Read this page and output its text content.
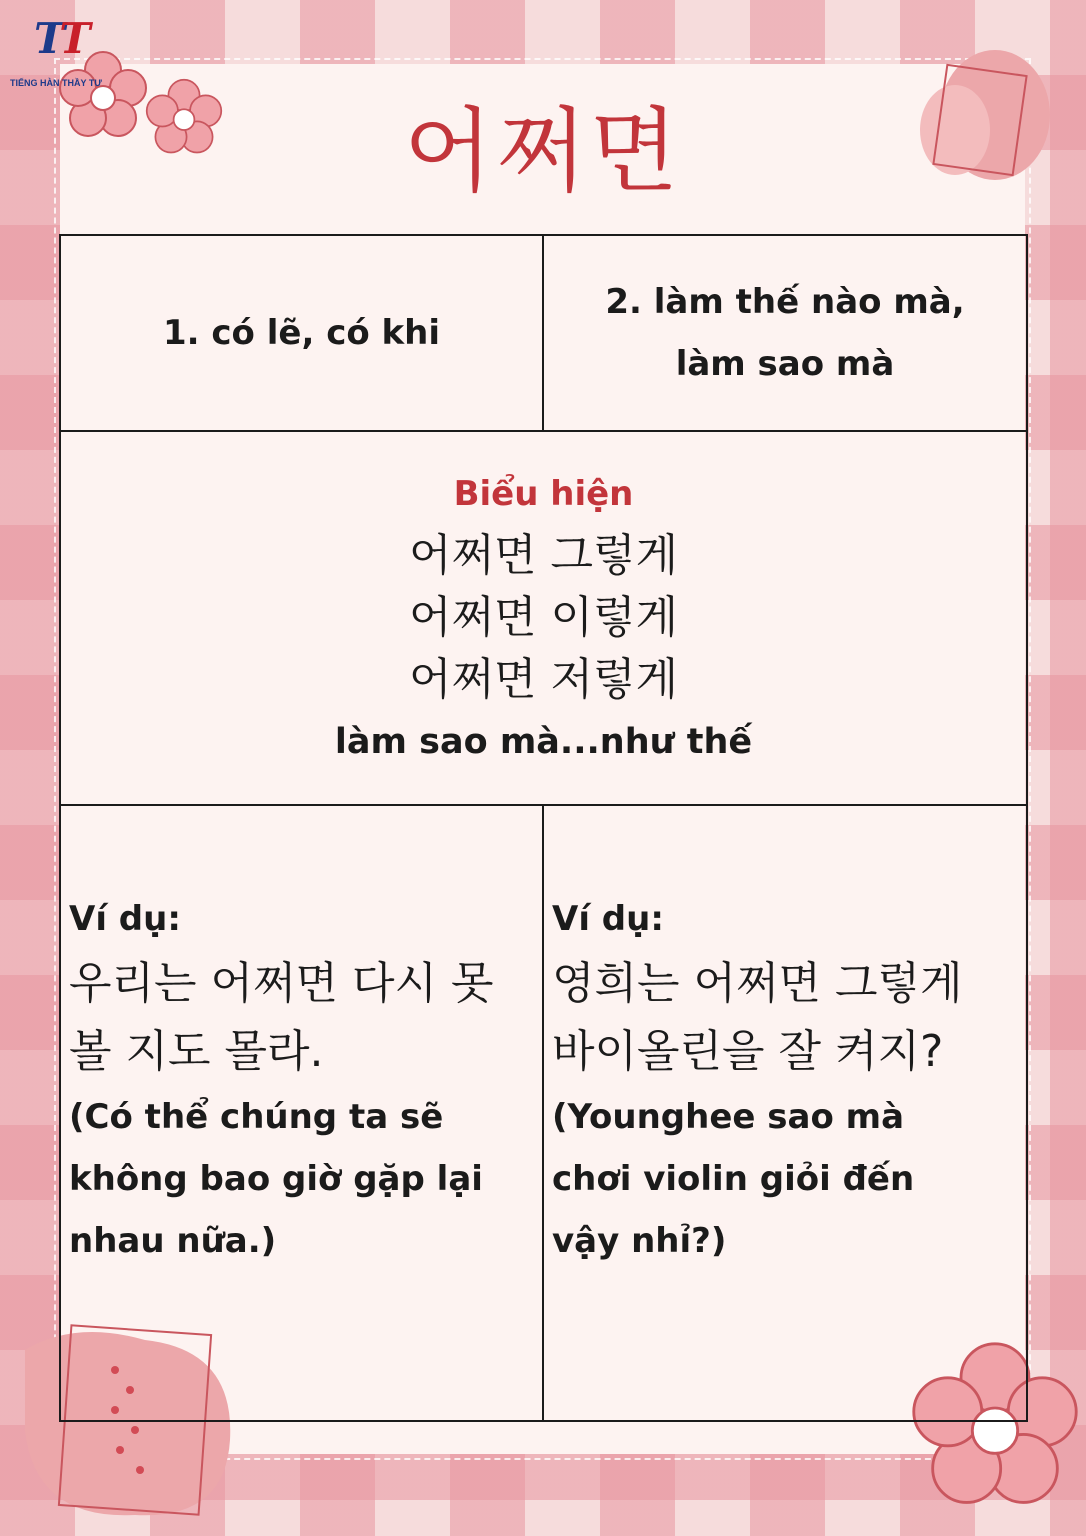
TT
TIẾNG HÀN THẦY TƯ
어쩌면
1. có lẽ, có khi
2. làm thế nào mà,
làm sao mà
Biểu hiện
어쩌면 그렇게
어쩌면 이렇게
어쩌면 저렇게
làm sao mà...như thế
Ví dụ:
우리는 어쩌면 다시 못
볼 지도 몰라.
(Có thể chúng ta sẽ
không bao giờ gặp lại
nhau nữa.)
Ví dụ:
영희는 어쩌면 그렇게
바이올린을 잘 켜지?
(Younghee sao mà
chơi violin giỏi đến
vậy nhỉ?)
